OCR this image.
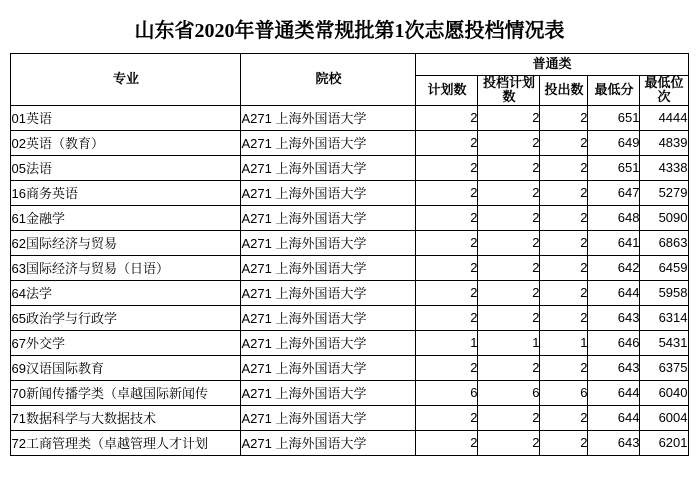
山东省2020年普通类常规批第1次志愿投档情况表
专业	院校	普通类				
		计划数	投档计划数	投出数	最低分	最低位次
01英语	A271 上海外国语大学	2	2	2	651	4444
02英语（教育）	A271 上海外国语大学	2	2	2	649	4839
05法语	A271 上海外国语大学	2	2	2	651	4338
16商务英语	A271 上海外国语大学	2	2	2	647	5279
61金融学	A271 上海外国语大学	2	2	2	648	5090
62国际经济与贸易	A271 上海外国语大学	2	2	2	641	6863
63国际经济与贸易（日语）	A271 上海外国语大学	2	2	2	642	6459
64法学	A271 上海外国语大学	2	2	2	644	5958
65政治学与行政学	A271 上海外国语大学	2	2	2	643	6314
67外交学	A271 上海外国语大学	1	1	1	646	5431
69汉语国际教育	A271 上海外国语大学	2	2	2	643	6375
70新闻传播学类（卓越国际新闻传	A271 上海外国语大学	6	6	6	644	6040
71数据科学与大数据技术	A271 上海外国语大学	2	2	2	644	6004
72工商管理类（卓越管理人才计划	A271 上海外国语大学	2	2	2	643	6201
